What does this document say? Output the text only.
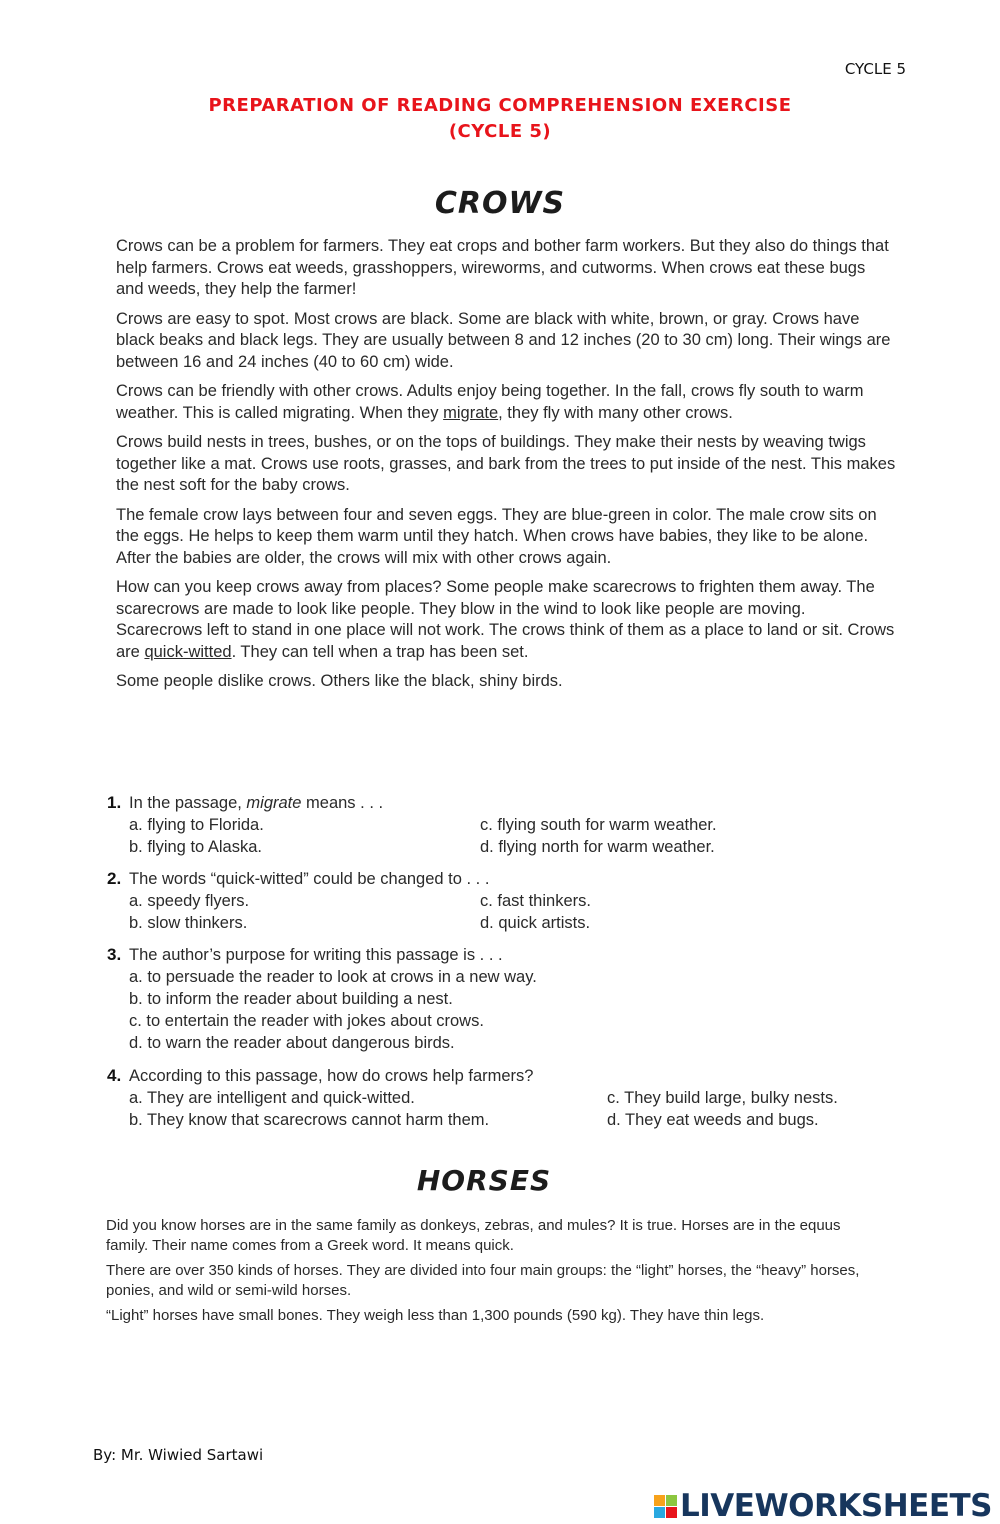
CYCLE 5
PREPARATION OF READING COMPREHENSION EXERCISE
(CYCLE 5)
CROWS

Crows can be a problem for farmers. They eat crops and bother farm workers. But they also do things that help farmers. Crows eat weeds, grasshoppers, wireworms, and cutworms. When crows eat these bugs and weeds, they help the farmer!

Crows are easy to spot. Most crows are black. Some are black with white, brown, or gray. Crows have black beaks and black legs. They are usually between 8 and 12 inches (20 to 30 cm) long. Their wings are between 16 and 24 inches (40 to 60 cm) wide.

Crows can be friendly with other crows. Adults enjoy being together. In the fall, crows fly south to warm weather. This is called migrating. When they migrate, they fly with many other crows.

Crows build nests in trees, bushes, or on the tops of buildings. They make their nests by weaving twigs together like a mat. Crows use roots, grasses, and bark from the trees to put inside of the nest. This makes the nest soft for the baby crows.

The female crow lays between four and seven eggs. They are blue-green in color. The male crow sits on the eggs. He helps to keep them warm until they hatch. When crows have babies, they like to be alone. After the babies are older, the crows will mix with other crows again.

How can you keep crows away from places? Some people make scarecrows to frighten them away. The scarecrows are made to look like people. They blow in the wind to look like people are moving. Scarecrows left to stand in one place will not work. The crows think of them as a place to land or sit. Crows are quick-witted. They can tell when a trap has been set.

Some people dislike crows. Others like the black, shiny birds.

1. In the passage, migrate means . . .
a. flying to Florida.	c. flying south for warm weather.
b. flying to Alaska.	d. flying north for warm weather.
2. The words “quick-witted” could be changed to . . .
a. speedy flyers.	c. fast thinkers.
b. slow thinkers.	d. quick artists.
3. The author’s purpose for writing this passage is . . .
a. to persuade the reader to look at crows in a new way.
b. to inform the reader about building a nest.
c. to entertain the reader with jokes about crows.
d. to warn the reader about dangerous birds.
4. According to this passage, how do crows help farmers?
a. They are intelligent and quick-witted.	c. They build large, bulky nests.
b. They know that scarecrows cannot harm them.	d. They eat weeds and bugs.
HORSES

Did you know horses are in the same family as donkeys, zebras, and mules? It is true. Horses are in the equus family. Their name comes from a Greek word. It means quick.

There are over 350 kinds of horses. They are divided into four main groups: the “light” horses, the “heavy” horses, ponies, and wild or semi-wild horses.

“Light” horses have small bones. They weigh less than 1,300 pounds (590 kg). They have thin legs.

By: Mr. Wiwied Sartawi
LIVEWORKSHEETS
